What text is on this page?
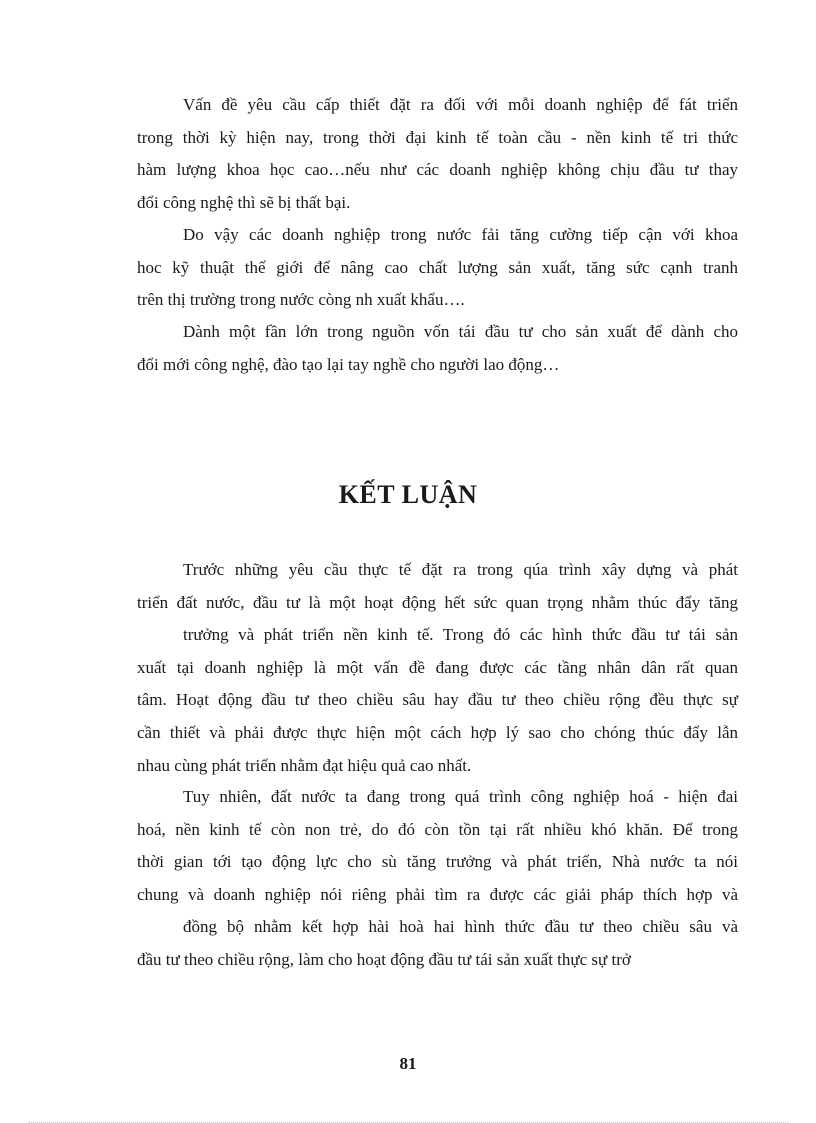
Vấn đề yêu cầu cấp thiết đặt ra đối với mỗi doanh nghiệp để fát triển
trong thời kỳ hiện nay, trong thời đại kinh tế toàn cầu - nền kinh tế tri thức
hàm lượng khoa học cao…nếu như các doanh nghiệp không chịu đầu tư thay
đổi công nghệ thì sẽ bị thất bại.

Do vậy các doanh nghiệp trong nước fải tăng cường tiếp cận với khoa
hoc kỹ thuật thế giới để nâng cao chất lượng sản xuất, tăng sức cạnh tranh
trên thị trường trong nước còng nh xuất khẩu….

Dành một fần lớn trong nguồn vốn tái đầu tư cho sản xuất để dành cho
đổi mới công nghệ, đào tạo lại tay nghề cho người lao động…

KẾT LUẬN

Trước những yêu cầu thực tế đặt ra trong qúa trình xây dựng và phát
triển đất nước, đầu tư là một hoạt động hết sức quan trọng nhằm thúc đẩy tăng
trưởng và phát triển nền kinh tế. Trong đó các hình thức đầu tư tái sản
xuất tại doanh nghiệp là một vấn đề đang được các tầng nhân dân rất quan
tâm. Hoạt động đầu tư theo chiều sâu hay đầu tư theo chiều rộng đều thực sự
cần thiết và phải được thực hiện một cách hợp lý sao cho chóng thúc đẩy lẫn
nhau cùng phát triển nhằm đạt hiệu quả cao nhất.

Tuy nhiên, đất nước ta đang trong quá trình công nghiệp hoá - hiện đai
hoá, nền kinh tế còn non trẻ, do đó còn tồn tại rất nhiều khó khăn. Để trong
thời gian tới tạo động lực cho sù tăng trưởng và phát triển, Nhà nước ta nói
chung và doanh nghiệp nói riêng phải tìm ra được các giải pháp thích hợp và
đồng bộ nhằm kết hợp hài hoà hai hình thức đầu tư theo chiều sâu và
đầu tư theo chiều rộng, làm cho hoạt động đầu tư tái sản xuất thực sự trở

81
